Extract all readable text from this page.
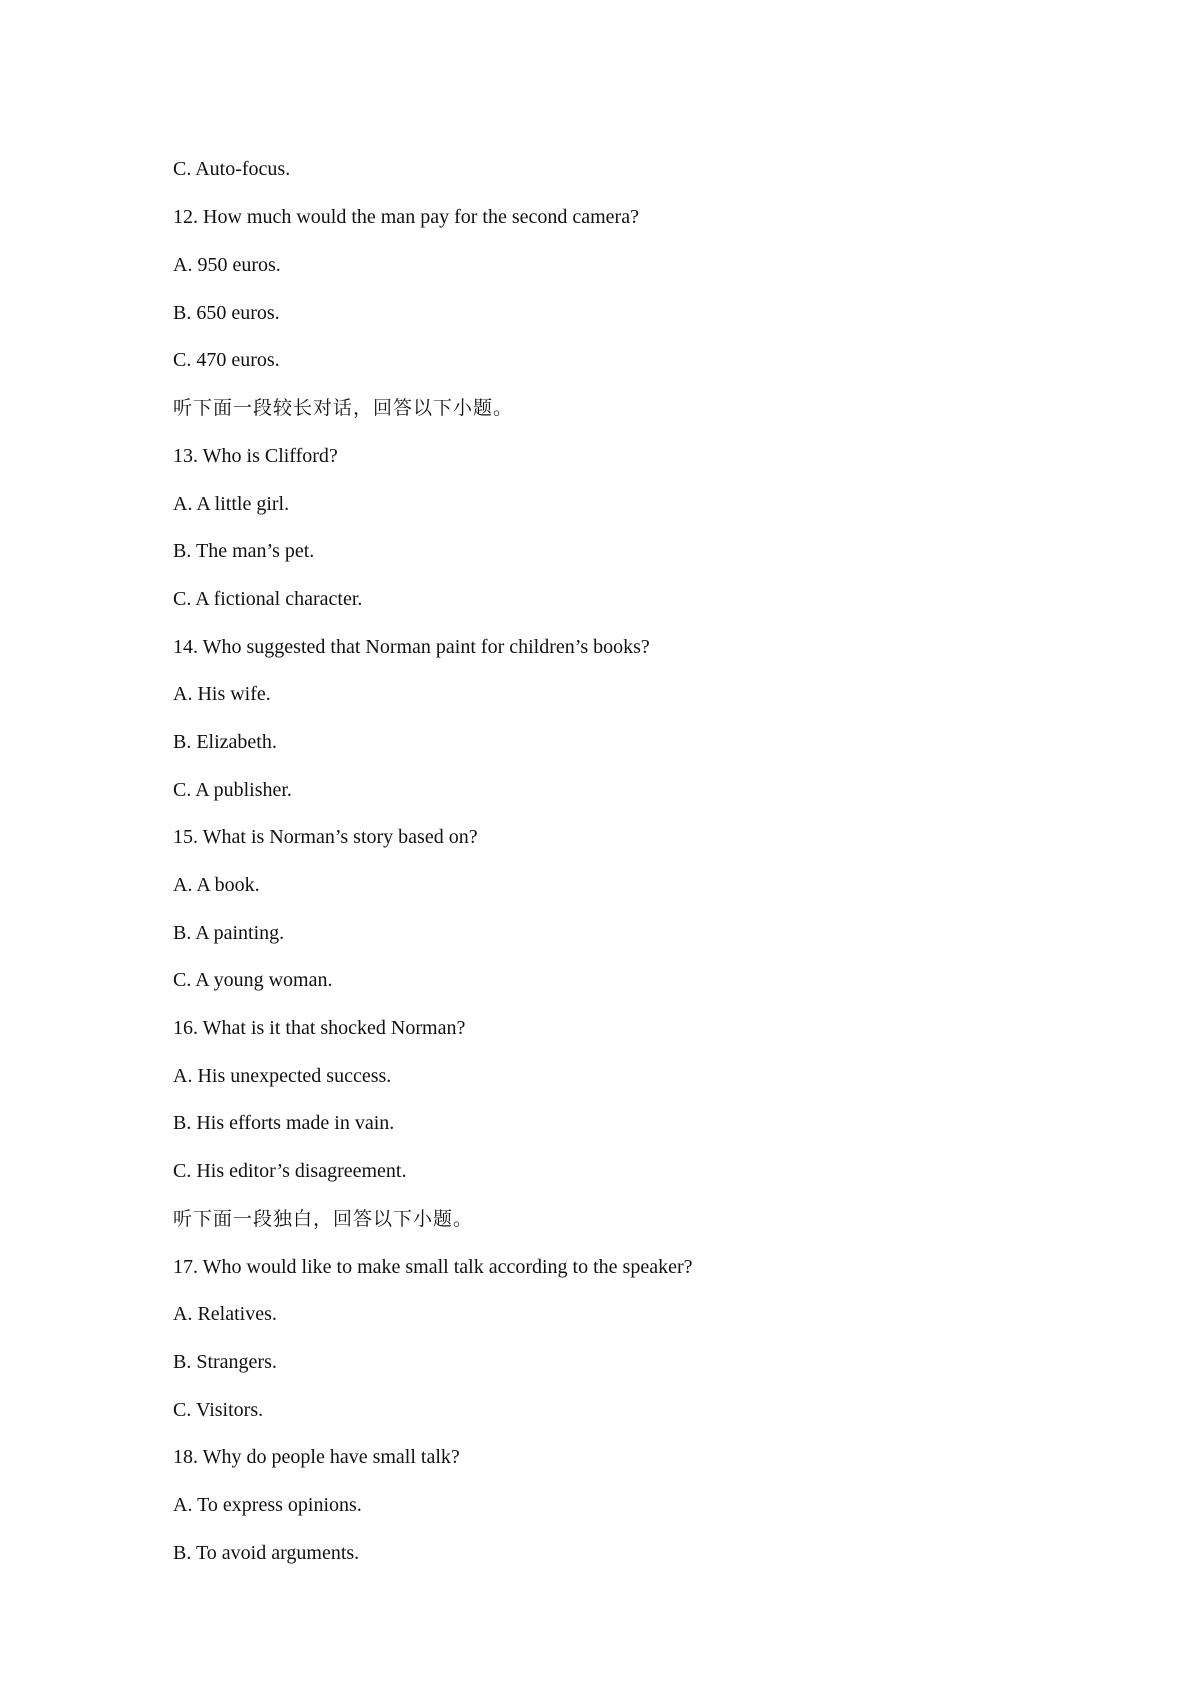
C. Auto-focus.
12. How much would the man pay for the second camera?
A. 950 euros.
B. 650 euros.
C. 470 euros.
听下面一段较长对话，回答以下小题。
13. Who is Clifford?
A. A little girl.
B. The man’s pet.
C. A fictional character.
14. Who suggested that Norman paint for children’s books?
A. His wife.
B. Elizabeth.
C. A publisher.
15. What is Norman’s story based on?
A. A book.
B. A painting.
C. A young woman.
16. What is it that shocked Norman?
A. His unexpected success.
B. His efforts made in vain.
C. His editor’s disagreement.
听下面一段独白，回答以下小题。
17. Who would like to make small talk according to the speaker?
A. Relatives.
B. Strangers.
C. Visitors.
18. Why do people have small talk?
A. To express opinions.
B. To avoid arguments.
